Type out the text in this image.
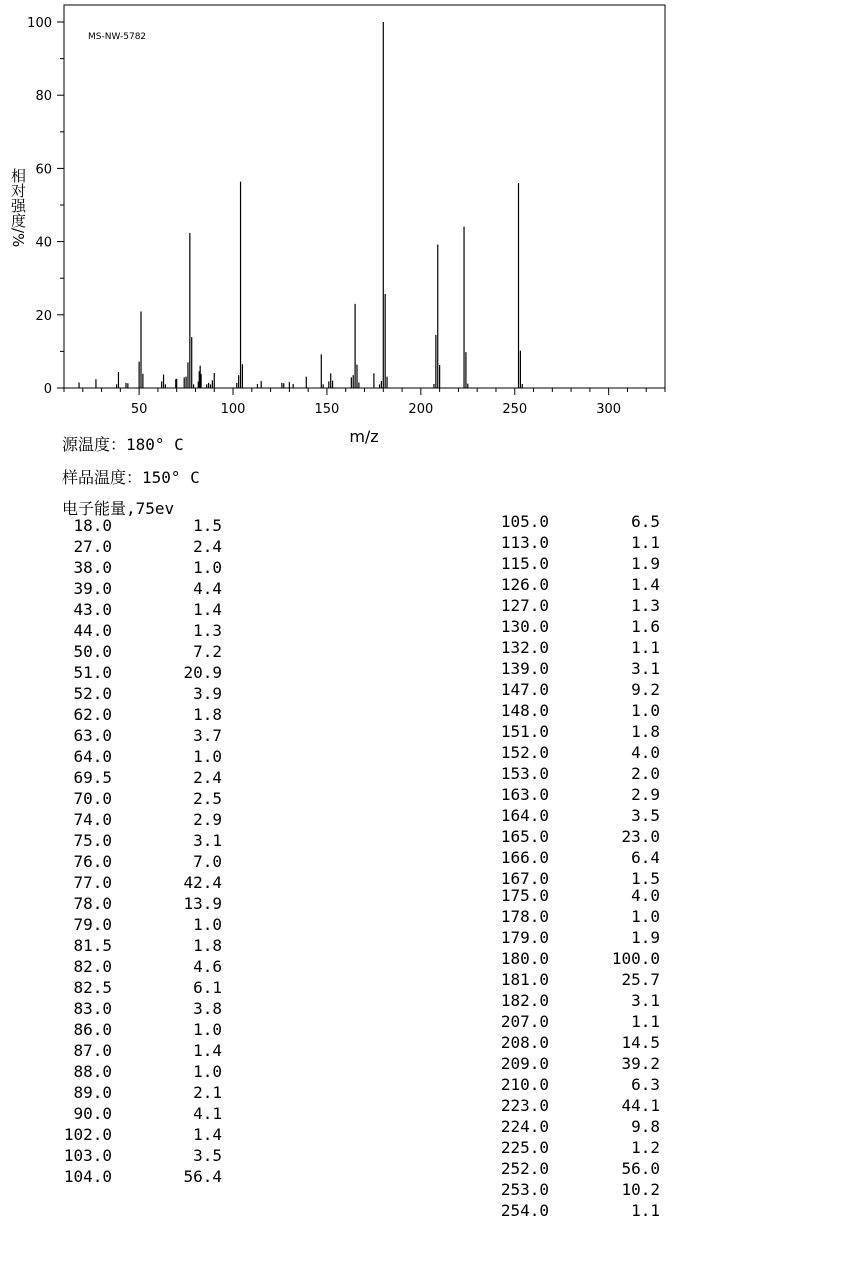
MS-NW-5782
0
20
40
60
80
100
50	100	150	200	250	300
m/z
相对强度/%
源温度：180° C
样品温度：150° C
电子能量,75ev
18.0	1.5
27.0	2.4
38.0	1.0
39.0	4.4
43.0	1.4
44.0	1.3
50.0	7.2
51.0	20.9
52.0	3.9
62.0	1.8
63.0	3.7
64.0	1.0
69.5	2.4
70.0	2.5
74.0	2.9
75.0	3.1
76.0	7.0
77.0	42.4
78.0	13.9
79.0	1.0
81.5	1.8
82.0	4.6
82.5	6.1
83.0	3.8
86.0	1.0
87.0	1.4
88.0	1.0
89.0	2.1
90.0	4.1
102.0	1.4
103.0	3.5
104.0	56.4
105.0	6.5
113.0	1.1
115.0	1.9
126.0	1.4
127.0	1.3
130.0	1.6
132.0	1.1
139.0	3.1
147.0	9.2
148.0	1.0
151.0	1.8
152.0	4.0
153.0	2.0
163.0	2.9
164.0	3.5
165.0	23.0
166.0	6.4
167.0	1.5
175.0	4.0
178.0	1.0
179.0	1.9
180.0	100.0
181.0	25.7
182.0	3.1
207.0	1.1
208.0	14.5
209.0	39.2
210.0	6.3
223.0	44.1
224.0	9.8
225.0	1.2
252.0	56.0
253.0	10.2
254.0	1.1
